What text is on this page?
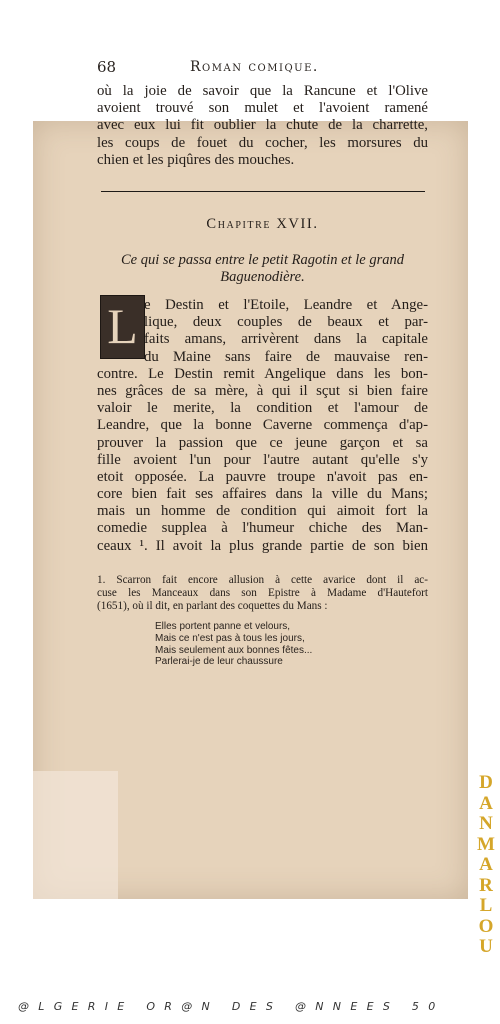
68	Roman comique.
où la joie de savoir que la Rancune et l'Olive
avoient trouvé son mulet et l'avoient ramené
avec eux lui fit oublier la chute de la charrette,
les coups de fouet du cocher, les morsures du
chien et les piqûres des mouches.
Chapitre XVII.
Ce qui se passa entre le petit Ragotin et le grand
Baguenodière.
L e Destin et l'Etoile, Leandre et Ange-
lique, deux couples de beaux et par-
faits amans, arrivèrent dans la capitale
du Maine sans faire de mauvaise ren-
contre. Le Destin remit Angelique dans les bon-
nes grâces de sa mère, à qui il sçut si bien faire
valoir le merite, la condition et l'amour de
Leandre, que la bonne Caverne commença d'ap-
prouver la passion que ce jeune garçon et sa
fille avoient l'un pour l'autre autant qu'elle s'y
etoit opposée. La pauvre troupe n'avoit pas en-
core bien fait ses affaires dans la ville du Mans;
mais un homme de condition qui aimoit fort la
comedie supplea à l'humeur chiche des Man-
ceaux ¹. Il avoit la plus grande partie de son bien
1. Scarron fait encore allusion à cette avarice dont il ac-
cuse les Manceaux dans son Epistre à Madame d'Hautefort
(1651), où il dit, en parlant des coquettes du Mans :
Elles portent panne et velours,
Mais ce n'est pas à tous les jours,
Mais seulement aux bonnes fêtes...
Parlerai-je de leur chaussure
D
A
N
M
A
R
L
O
U
@LGERIE OR@N DES @NNEES 50
